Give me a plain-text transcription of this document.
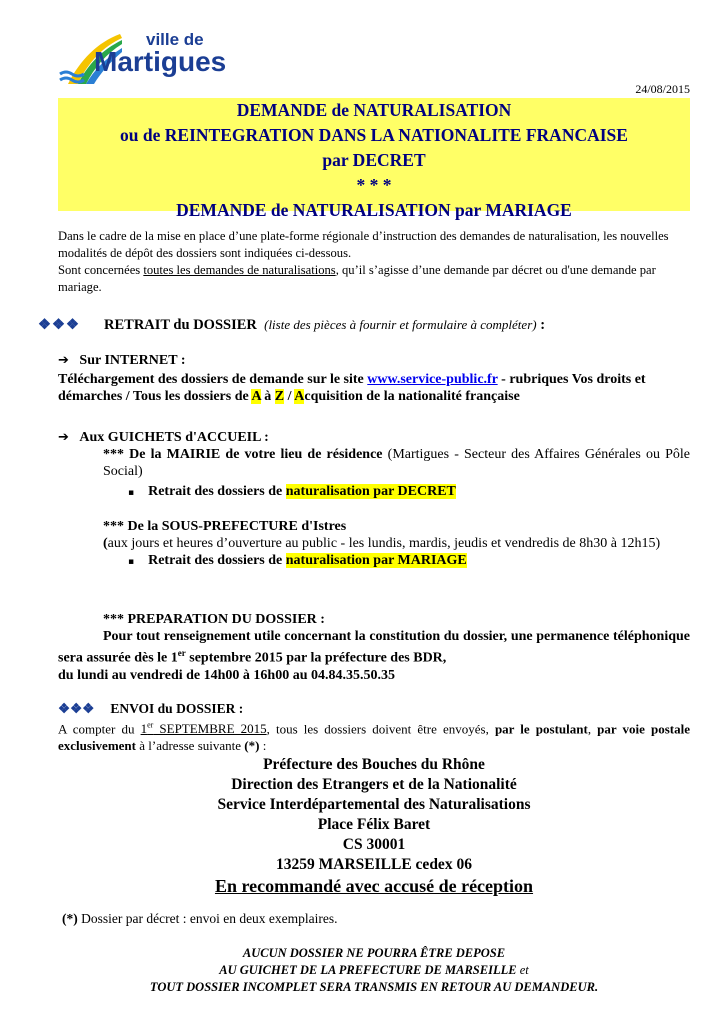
ville de
Martigues
24/08/2015
DEMANDE de NATURALISATION
ou de REINTEGRATION DANS LA NATIONALITE FRANCAISE
par DECRET
* * *
DEMANDE de NATURALISATION par MARIAGE
Dans le cadre de la mise en place d’une plate-forme régionale d’instruction des demandes de naturalisation, les nouvelles modalités de dépôt des dossiers sont indiquées ci-dessous.
Sont concernées toutes les demandes de naturalisations, qu’il s’agisse d’une demande par décret ou d'une demande par mariage.
❖❖❖ RETRAIT du DOSSIER (liste des pièces à fournir et formulaire à compléter) :
➔ Sur INTERNET :
Téléchargement des dossiers de demande sur le site www.service-public.fr - rubriques Vos droits et démarches / Tous les dossiers de A à Z / Acquisition de la nationalité française
➔ Aux GUICHETS d'ACCUEIL :
*** De la MAIRIE de votre lieu de résidence (Martigues - Secteur des Affaires Générales ou Pôle Social)
▪ Retrait des dossiers de naturalisation par DECRET
*** De la SOUS-PREFECTURE d'Istres
(aux jours et heures d’ouverture au public - les lundis, mardis, jeudis et vendredis de 8h30 à 12h15)
▪ Retrait des dossiers de naturalisation par MARIAGE
*** PREPARATION DU DOSSIER :
Pour tout renseignement utile concernant la constitution du dossier, une permanence téléphonique sera assurée dès le 1er septembre 2015 par la préfecture des BDR,
du lundi au vendredi de 14h00 à 16h00 au 04.84.35.50.35
❖❖❖ ENVOI du DOSSIER :
A compter du 1er SEPTEMBRE 2015, tous les dossiers doivent être envoyés, par le postulant, par voie postale exclusivement à l’adresse suivante (*) :
Préfecture des Bouches du Rhône
Direction des Etrangers et de la Nationalité
Service Interdépartemental des Naturalisations
Place Félix Baret
CS 30001
13259 MARSEILLE cedex 06
En recommandé avec accusé de réception
(*) Dossier par décret : envoi en deux exemplaires.
AUCUN DOSSIER NE POURRA ÊTRE DEPOSE
AU GUICHET DE LA PREFECTURE DE MARSEILLE et
TOUT DOSSIER INCOMPLET SERA TRANSMIS EN RETOUR AU DEMANDEUR.
